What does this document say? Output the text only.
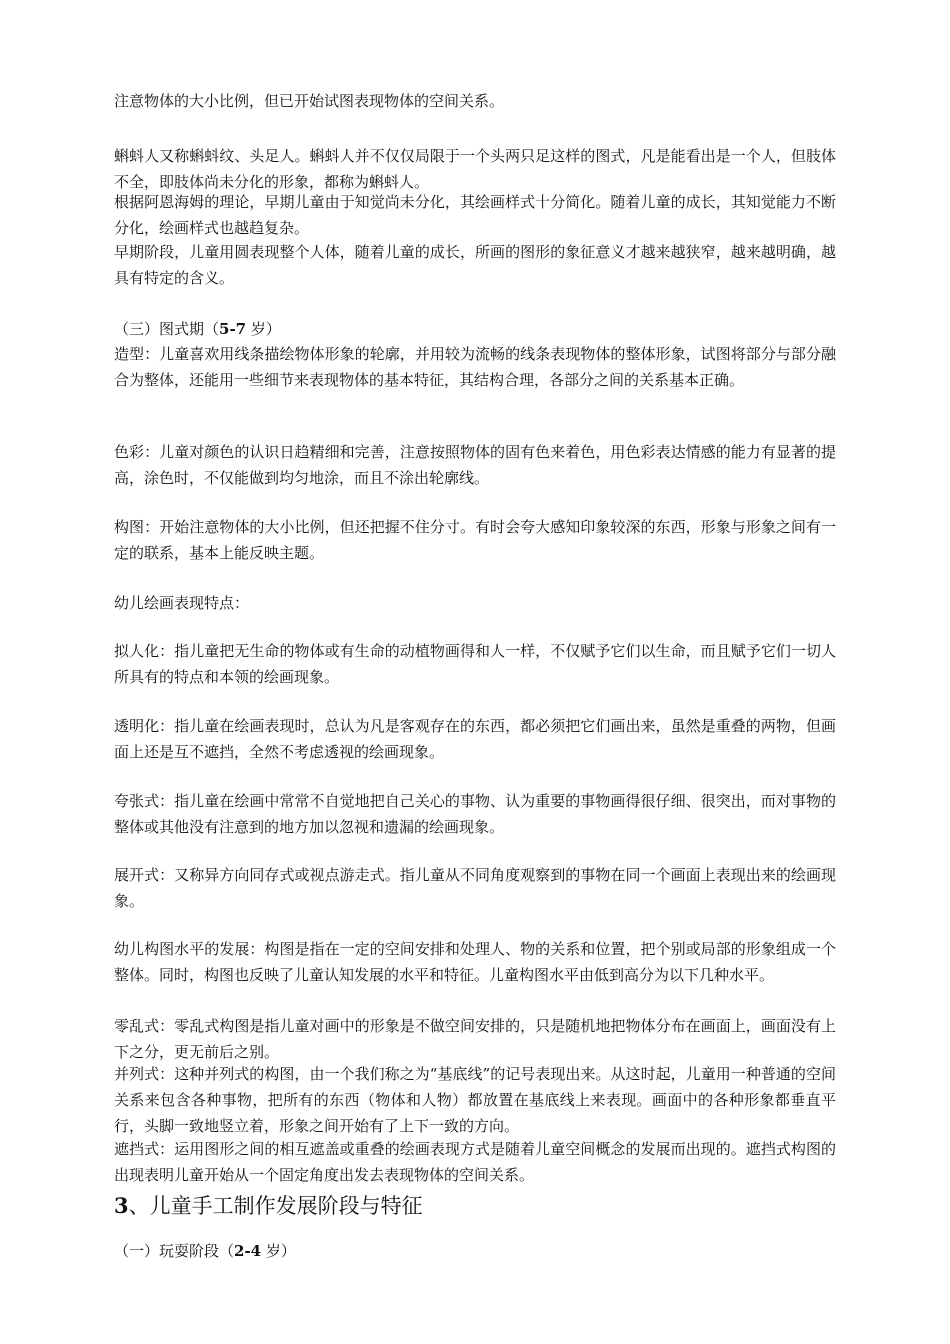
注意物体的大小比例，但已开始试图表现物体的空间关系。

蝌蚪人又称蝌蚪纹、头足人。蝌蚪人并不仅仅局限于一个头两只足这样的图式，凡是能看出是一个人，但肢体不全，即肢体尚未分化的形象，都称为蝌蚪人。

根据阿恩海姆的理论，早期儿童由于知觉尚未分化，其绘画样式十分简化。随着儿童的成长，其知觉能力不断分化，绘画样式也越趋复杂。

早期阶段，儿童用圆表现整个人体，随着儿童的成长，所画的图形的象征意义才越来越狭窄，越来越明确，越具有特定的含义。

（三）图式期（5-7 岁）

造型：儿童喜欢用线条描绘物体形象的轮廓，并用较为流畅的线条表现物体的整体形象，试图将部分与部分融合为整体，还能用一些细节来表现物体的基本特征，其结构合理，各部分之间的关系基本正确。

色彩：儿童对颜色的认识日趋精细和完善，注意按照物体的固有色来着色，用色彩表达情感的能力有显著的提高，涂色时，不仅能做到均匀地涂，而且不涂出轮廓线。

构图：开始注意物体的大小比例，但还把握不住分寸。有时会夸大感知印象较深的东西，形象与形象之间有一定的联系，基本上能反映主题。

幼儿绘画表现特点：

拟人化：指儿童把无生命的物体或有生命的动植物画得和人一样，不仅赋予它们以生命，而且赋予它们一切人所具有的特点和本领的绘画现象。

透明化：指儿童在绘画表现时，总认为凡是客观存在的东西，都必须把它们画出来，虽然是重叠的两物，但画面上还是互不遮挡，全然不考虑透视的绘画现象。

夸张式：指儿童在绘画中常常不自觉地把自己关心的事物、认为重要的事物画得很仔细、很突出，而对事物的整体或其他没有注意到的地方加以忽视和遗漏的绘画现象。

展开式：又称异方向同存式或视点游走式。指儿童从不同角度观察到的事物在同一个画面上表现出来的绘画现象。

幼儿构图水平的发展：构图是指在一定的空间安排和处理人、物的关系和位置，把个别或局部的形象组成一个整体。同时，构图也反映了儿童认知发展的水平和特征。儿童构图水平由低到高分为以下几种水平。

零乱式：零乱式构图是指儿童对画中的形象是不做空间安排的，只是随机地把物体分布在画面上，画面没有上下之分，更无前后之别。

并列式：这种并列式的构图，由一个我们称之为“基底线”的记号表现出来。从这时起，儿童用一种普通的空间关系来包含各种事物，把所有的东西（物体和人物）都放置在基底线上来表现。画面中的各种形象都垂直平行，头脚一致地竖立着，形象之间开始有了上下一致的方向。

遮挡式：运用图形之间的相互遮盖或重叠的绘画表现方式是随着儿童空间概念的发展而出现的。遮挡式构图的出现表明儿童开始从一个固定角度出发去表现物体的空间关系。

3、儿童手工制作发展阶段与特征

（一）玩耍阶段（2-4 岁）
